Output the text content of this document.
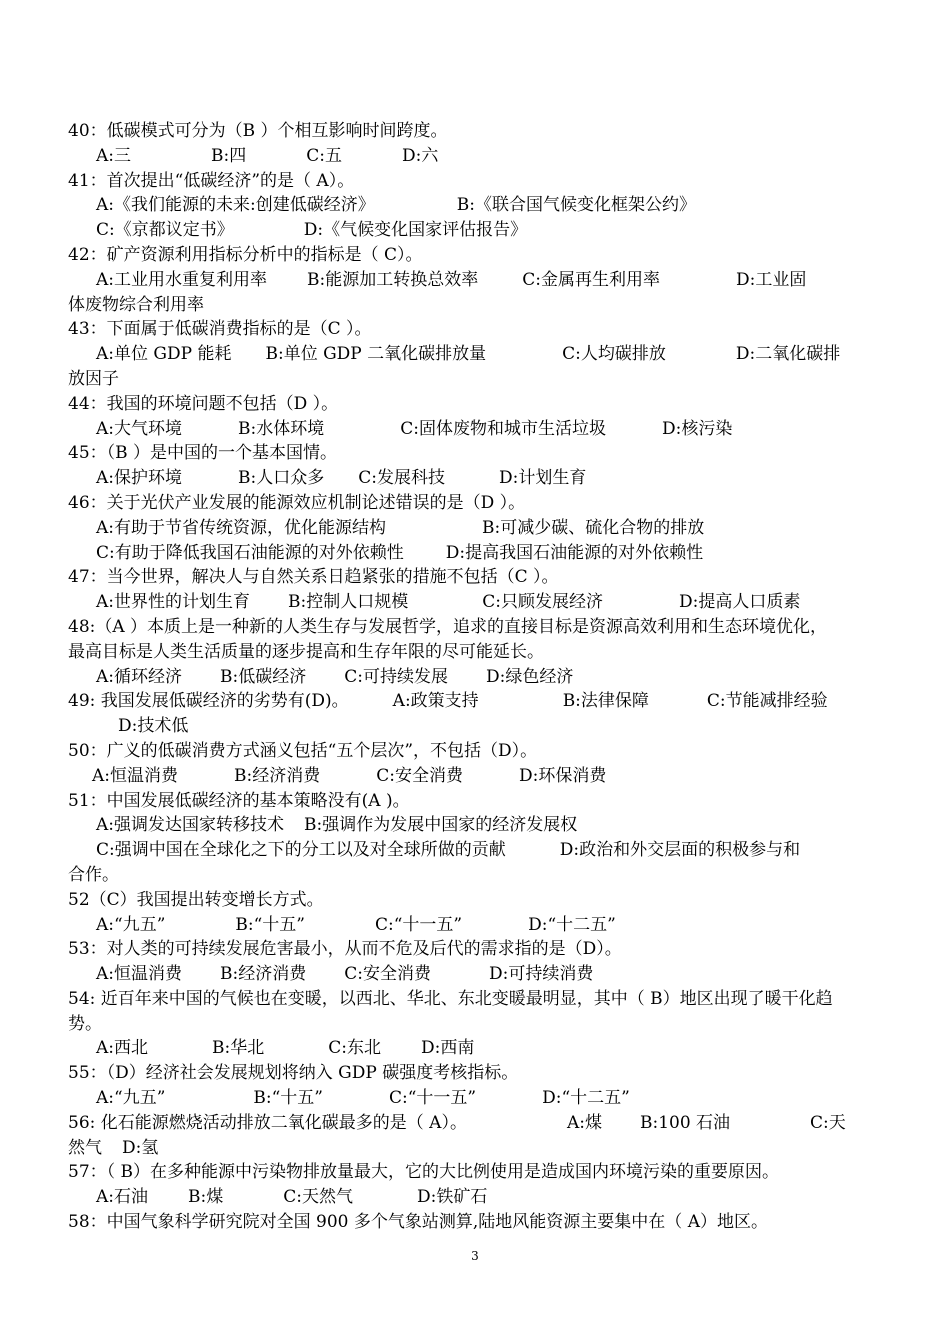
40：低碳模式可分为（B ）个相互影响时间跨度。
A:三	B:四	C:五	D:六
41：首次提出“低碳经济”的是（ A）。
A:《我们能源的未来:创建低碳经济》	B:《联合国气候变化框架公约》
C:《京都议定书》	D:《气候变化国家评估报告》
42：矿产资源利用指标分析中的指标是（ C）。
A:工业用水重复利用率 B:能源加工转换总效率	C:金属再生利用率	D:工业固
体废物综合利用率
43：下面属于低碳消费指标的是（C ）。
A:单位 GDP 能耗 B:单位 GDP 二氧化碳排放量	C:人均碳排放	D:二氧化碳排
放因子
44：我国的环境问题不包括（D ）。
A:大气环境	B:水体环境	C:固体废物和城市生活垃圾	D:核污染
45：（B ）是中国的一个基本国情。
A:保护环境	B:人口众多 C:发展科技	D:计划生育
46：关于光伏产业发展的能源效应机制论述错误的是（D ）。
A:有助于节省传统资源，优化能源结构	B:可减少碳、硫化合物的排放
C:有助于降低我国石油能源的对外依赖性 D:提高我国石油能源的对外依赖性
47：当今世界，解决人与自然关系日趋紧张的措施不包括（C ）。
A:世界性的计划生育 B:控制人口规模	C:只顾发展经济	D:提高人口质素
48:（A ）本质上是一种新的人类生存与发展哲学，追求的直接目标是资源高效利用和生态环境优化，
最高目标是人类生活质量的逐步提高和生存年限的尽可能延长。
A:循环经济 B:低碳经济 C:可持续发展 D:绿色经济
49: 我国发展低碳经济的劣势有(D)。	A:政策支持	B:法律保障	C:节能减排经验
D:技术低
50：广义的低碳消费方式涵义包括“五个层次”，不包括（D）。
A:恒温消费	B:经济消费	C:安全消费	D:环保消费
51：中国发展低碳经济的基本策略没有(A )。
A:强调发达国家转移技术 B:强调作为发展中国家的经济发展权
C:强调中国在全球化之下的分工以及对全球所做的贡献	D:政治和外交层面的积极参与和
合作。
52（C）我国提出转变增长方式。
A:“九五”	B:“十五”	C:“十一五”	D:“十二五”
53：对人类的可持续发展危害最小，从而不危及后代的需求指的是（D）。
A:恒温消费 B:经济消费 C:安全消费	D:可持续消费
54: 近百年来中国的气候也在变暖，以西北、华北、东北变暖最明显，其中（ B）地区出现了暖干化趋
势。
A:西北	B:华北	C:东北 D:西南
55：（D）经济社会发展规划将纳入 GDP 碳强度考核指标。
A:“九五”	B:“十五”	C:“十一五”	D:“十二五”
56: 化石能源燃烧活动排放二氧化碳最多的是（ A）。	A:煤 B:100 石油	C:天
然气 D:氢
57：（ B）在多种能源中污染物排放量最大，它的大比例使用是造成国内环境污染的重要原因。
A:石油 B:煤	C:天然气	D:铁矿石
58：中国气象科学研究院对全国 900 多个气象站测算,陆地风能资源主要集中在（ A）地区。
3
